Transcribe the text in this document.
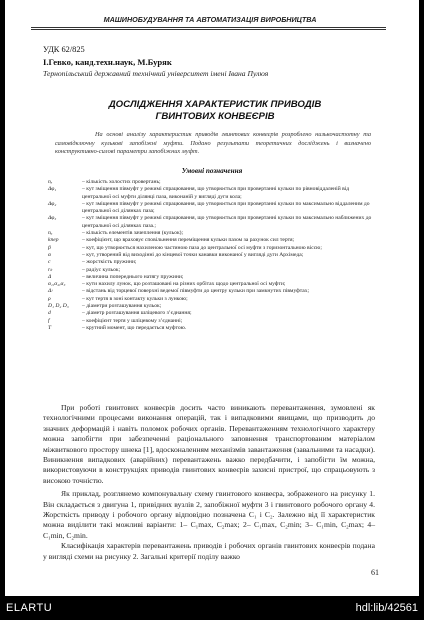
МАШИНОБУДУВАННЯ ТА АВТОМАТИЗАЦІЯ ВИРОБНИЦТВА
УДК 62/825
І.Гевко, канд.техн.наук, М.Буряк
Тернопільський державний технічний університет імені Івана Пулюя
ДОСЛІДЖЕННЯ ХАРАКТЕРИСТИК ПРИВОДІВ
ГВИНТОВИХ КОНВЕЄРІВ
На основі аналізу характеристик приводів гвинтових конвеєрів розроблено низькочастотну та самовідключну кулькові запобіжні муфти. Подано результати теоретичних досліджень і визначено конструктивно-силові параметри запобіжних муфт.
Умовні позначення
nₓ	– кількість холостих провертань;
Δφ₁	– кут зміщення півмуфт у режимі спрацювання, що утворюється при провертанні кульки по рівновіддаленій від центральної осі муфти ділянці паза, виконаній у вигляді дуги кола;
Δφ₂	– кут зміщення півмуфт у режимі спрацювання, що утворюється при провертанні кульки по максимально віддаленим до центральної осі ділянках паза;
Δφ₃	– кут зміщення півмуфт у режимі спрацювання, що утворюється при провертанні кульки по максимально наближених до центральної осі ділянках паза.;
nₐ	– кількість елементів зачеплення (кульок);
kпер	– коефіцієнт, що враховує сповільнення переміщення кульки пазом за рахунок сил тертя;
β	– кут, що утворюється нахиленою частиною паза до центральної осі муфти з горизонтальною віссю;
α	– кут, утворений від виходінні до кінцевої точки канавки виконаної у вигляді дуги Архімеда;
c	– жорсткість пружини;
rₖ	– радіус кульок;
Δ	– величина попереднього натягу пружини;
α₁,α₂,α₃	– кути нахилу лунок, що розташовані на різних орбітах щодо центральної осі муфти;
Δₗ	– відстань від торцевої поверхні ведемої півмуфти до центру кульки при замкнутих півмуфтах;
ρ	– кут тертя в зоні контакту кульки з лункою;
D₁ D₂ D₃	– діаметри розташування кульок;
d	– діаметр розташування шліцевого з’єднання;
f	– коефіцієнт тертя у шліцевому з’єднанні;
T	– крутний момент, що передається муфтою.

При роботі гвинтових конвеєрів досить часто виникають перевантаження, зумовлені як технологічними процесами виконання операцій, так і випадковими явищами, що призводить до значних деформацій і навіть поломок робочих органів. Перевантаженням технологічного характеру можна запобігти при забезпеченні раціонального заповнення транспортованим матеріалом міжвиткового простору шнека [1], вдосконаленням механізмів завантаження (завальними та насадки). Виникнення випадкових (аварійних) перевантажень важко передбачити, і запобігти їм можна, використовуючи в конструкціях приводів гвинтових конвеєрів захисні пристрої, що спрацьовують з високою точністю.

Як приклад, розглянемо компонувальну схему гвинтового конвеєра, зображеного на рисунку 1. Він складається з двигуна 1, привідних вузлів 2, запобіжної муфти 3 і гвинтового робочого органу 4. Жорсткість приводу і робочого органу відповідно позначена C₁ і C₂. Залежно від її характеристик можна виділити такі можливі варіанти: 1– C₁max, C₂max; 2– C₁max, C₂min; 3– C₁min, C₂max; 4– C₁min, C₂min.

Класифікація характерів перевантажень приводів і робочих органів гвинтових конвеєрів подана у вигляді схеми на рисунку 2. Загальні критерії поділу важко

61
ELARTU	hdl:lib/42561
